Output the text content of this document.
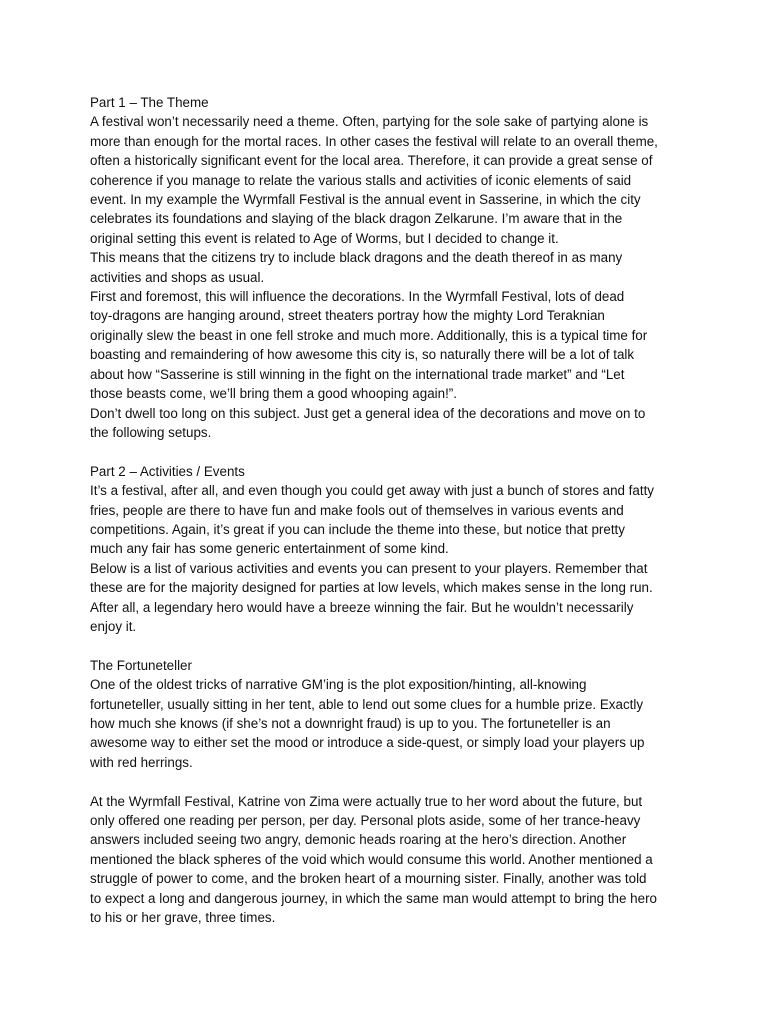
Part 1 – The Theme
A festival won’t necessarily need a theme. Often, partying for the sole sake of partying alone is
more than enough for the mortal races. In other cases the festival will relate to an overall theme,
often a historically significant event for the local area. Therefore, it can provide a great sense of
coherence if you manage to relate the various stalls and activities of iconic elements of said
event. In my example the Wyrmfall Festival is the annual event in Sasserine, in which the city
celebrates its foundations and slaying of the black dragon Zelkarune. I’m aware that in the
original setting this event is related to Age of Worms, but I decided to change it.
This means that the citizens try to include black dragons and the death thereof in as many
activities and shops as usual.
First and foremost, this will influence the decorations. In the Wyrmfall Festival, lots of dead
toy-dragons are hanging around, street theaters portray how the mighty Lord Teraknian
originally slew the beast in one fell stroke and much more. Additionally, this is a typical time for
boasting and remaindering of how awesome this city is, so naturally there will be a lot of talk
about how “Sasserine is still winning in the fight on the international trade market” and “Let
those beasts come, we’ll bring them a good whooping again!”.
Don’t dwell too long on this subject. Just get a general idea of the decorations and move on to
the following setups.
Part 2 – Activities / Events
It’s a festival, after all, and even though you could get away with just a bunch of stores and fatty
fries, people are there to have fun and make fools out of themselves in various events and
competitions. Again, it’s great if you can include the theme into these, but notice that pretty
much any fair has some generic entertainment of some kind.
Below is a list of various activities and events you can present to your players. Remember that
these are for the majority designed for parties at low levels, which makes sense in the long run.
After all, a legendary hero would have a breeze winning the fair. But he wouldn’t necessarily
enjoy it.
The Fortuneteller
One of the oldest tricks of narrative GM’ing is the plot exposition/hinting, all-knowing
fortuneteller, usually sitting in her tent, able to lend out some clues for a humble prize. Exactly
how much she knows (if she’s not a downright fraud) is up to you. The fortuneteller is an
awesome way to either set the mood or introduce a side-quest, or simply load your players up
with red herrings.
At the Wyrmfall Festival, Katrine von Zima were actually true to her word about the future, but
only offered one reading per person, per day. Personal plots aside, some of her trance-heavy
answers included seeing two angry, demonic heads roaring at the hero’s direction. Another
mentioned the black spheres of the void which would consume this world. Another mentioned a
struggle of power to come, and the broken heart of a mourning sister. Finally, another was told
to expect a long and dangerous journey, in which the same man would attempt to bring the hero
to his or her grave, three times.
